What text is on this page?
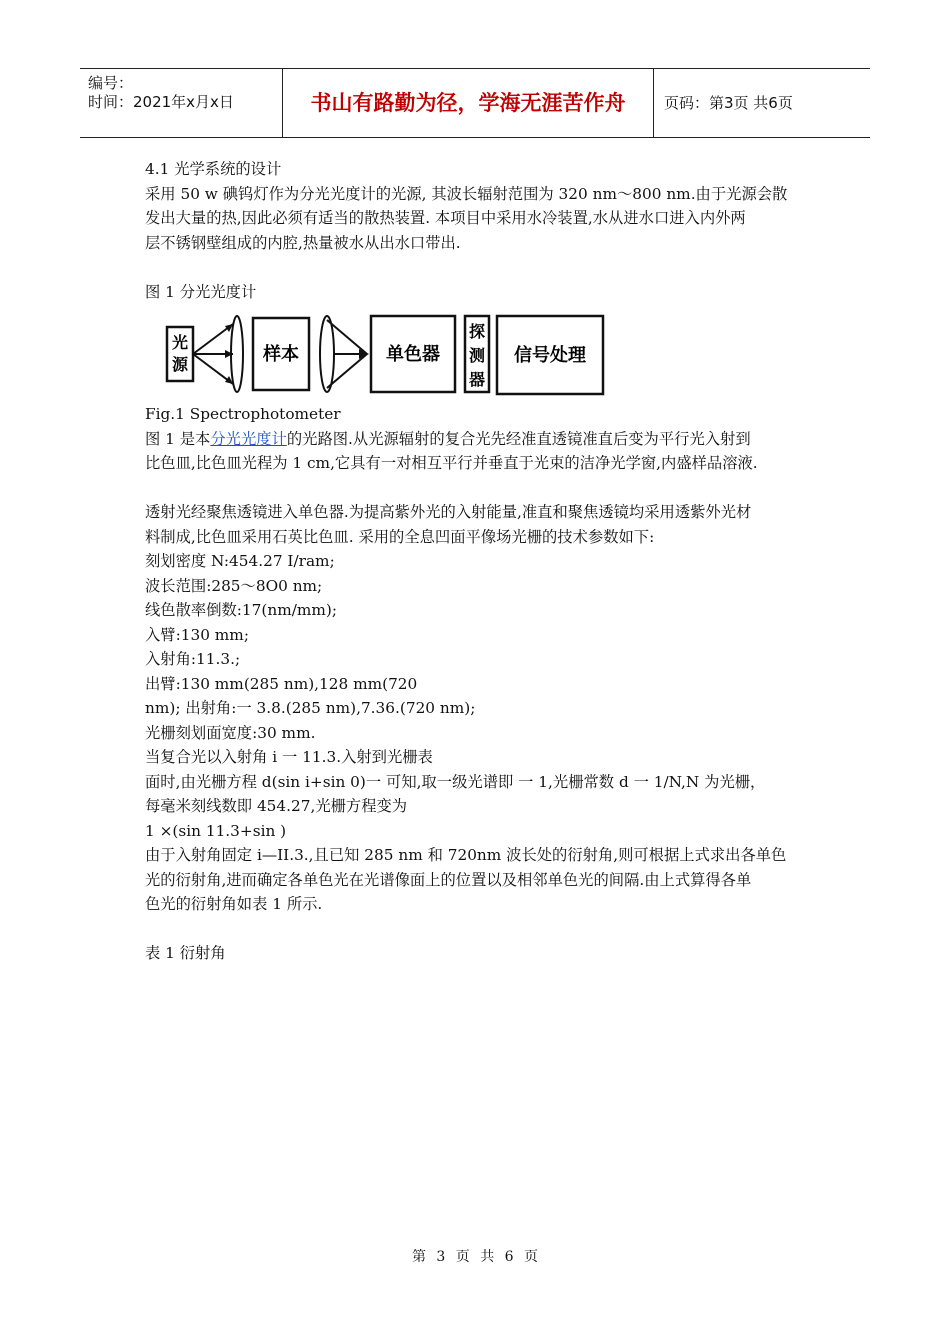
编号：
时间：2021年x月x日	书山有路勤为径，学海无涯苦作舟	页码：第3页 共6页
4.1 光学系统的设计
采用 50 w 碘钨灯作为分光光度计的光源, 其波长辐射范围为 320 nm～800 nm.由于光源会散
发出大量的热,因此必须有适当的散热装置. 本项目中采用水冷装置,水从进水口进入内外两
层不锈钢壁组成的内腔,热量被水从出水口带出.
图 1 分光光度计
光
源	样本	单色器
探
测
器
信号处理
Fig.1 Spectrophotometer
图 1 是本分光光度计的光路图.从光源辐射的复合光先经准直透镜准直后变为平行光入射到
比色皿,比色皿光程为 1 cm,它具有一对相互平行并垂直于光束的洁净光学窗,内盛样品溶液.
透射光经聚焦透镜进入单色器.为提高紫外光的入射能量,准直和聚焦透镜均采用透紫外光材
料制成,比色皿采用石英比色皿. 采用的全息凹面平像场光栅的技术参数如下:
刻划密度 N:454.27 I/ram;
波长范围:285～8O0 nm;
线色散率倒数:17(nm/mm);
入臂:130 mm;
入射角:11.3.;
出臂:130 mm(285 nm),128 mm(720
nm); 出射角:一 3.8.(285 nm),7.36.(720 nm);
光栅刻划面宽度:30 mm.
当复合光以入射角 i 一 11.3.入射到光栅表
面时,由光栅方程 d(sin i+sin 0)一 可知,取一级光谱即 一 1,光栅常数 d 一 1/N,N 为光栅，
每毫米刻线数即 454.27,光栅方程变为
1 ×(sin 11.3+sin )
由于入射角固定 i—II.3.,且已知 285 nm 和 720nm 波长处的衍射角,则可根据上式求出各单色
光的衍射角,进而确定各单色光在光谱像面上的位置以及相邻单色光的间隔.由上式算得各单
色光的衍射角如表 1 所示.
表 1 衍射角
第 3 页 共 6 页
